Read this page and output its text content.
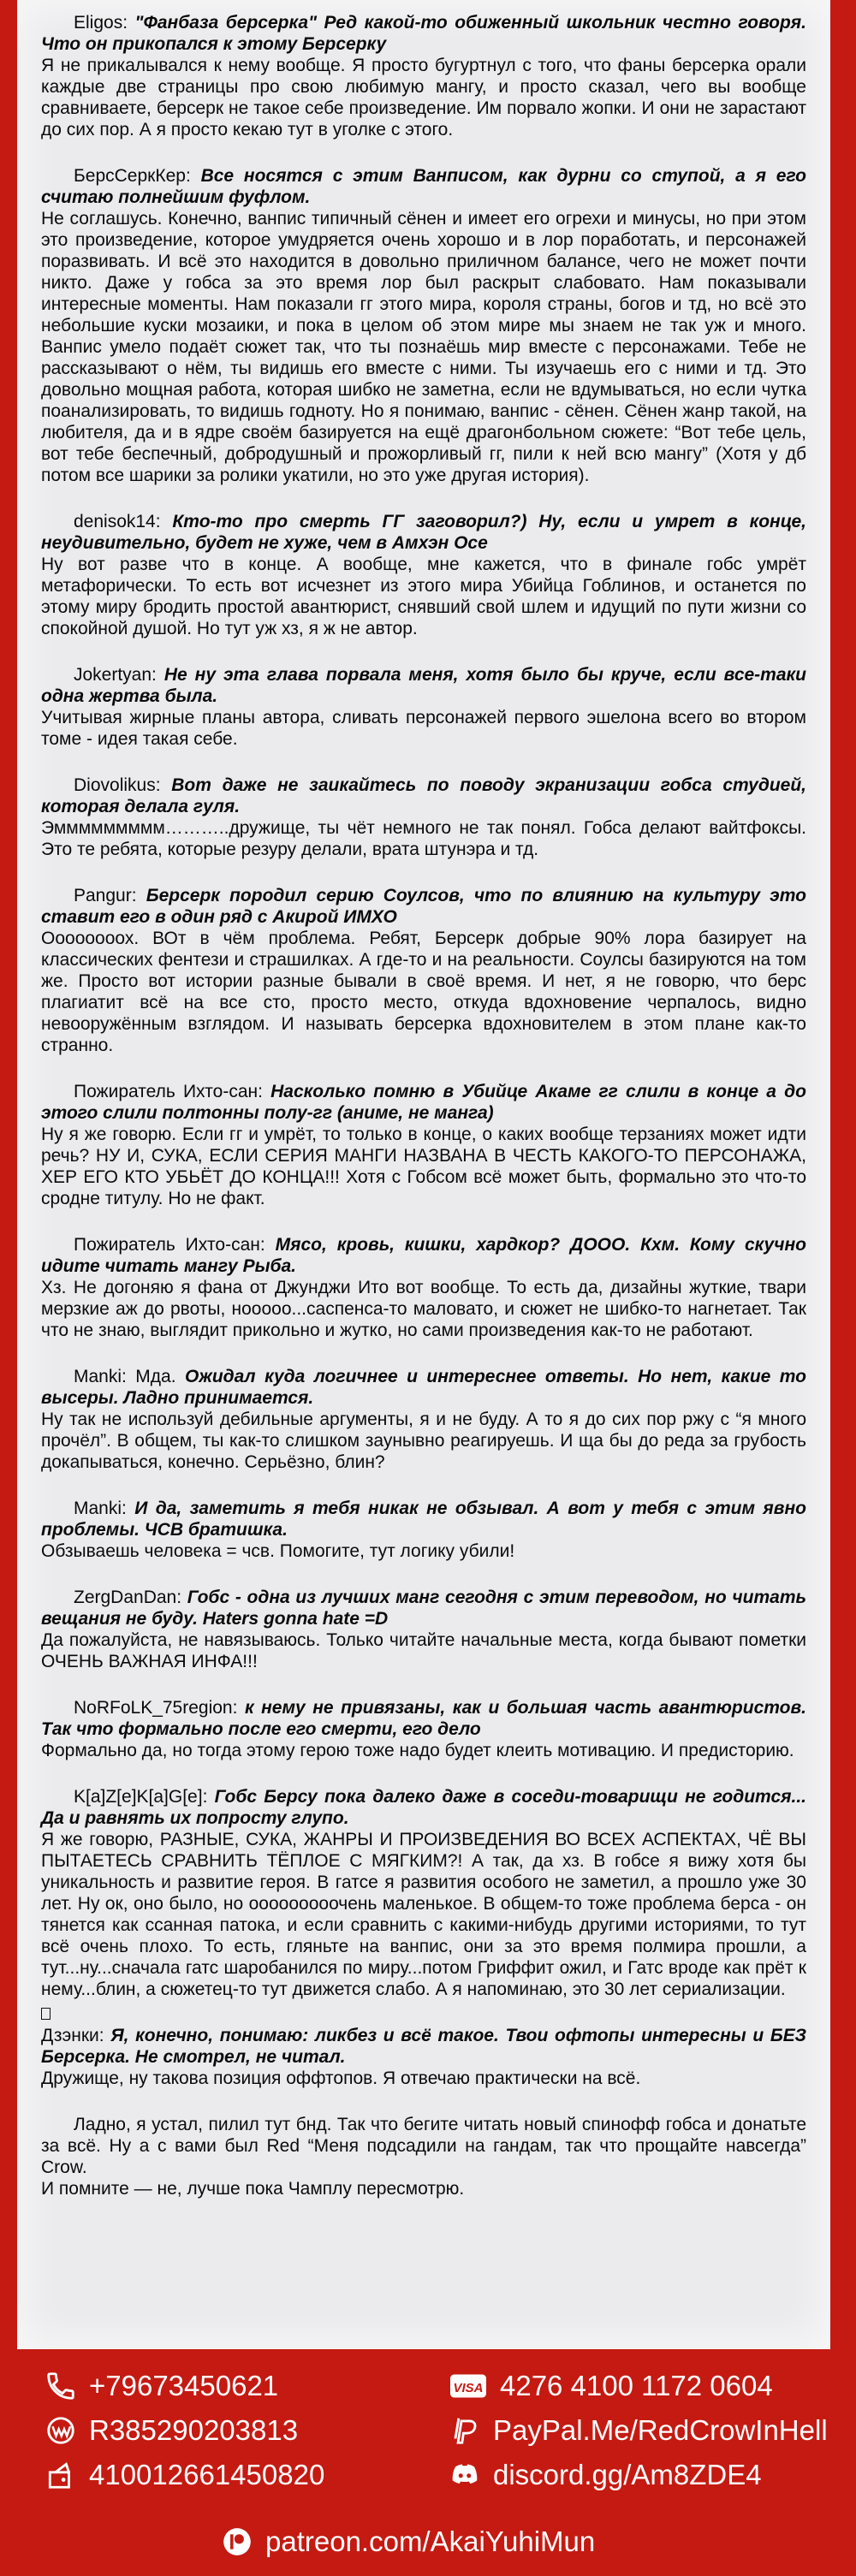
Eligos: "Фанбаза берсерка" Ред какой-то обиженный школьник честно говоря. Что он прикопался к этому Берсерку

Я не прикалывался к нему вообще. Я просто бугуртнул с того, что фаны берсерка орали каждые две страницы про свою любимую мангу, и просто сказал, чего вы вообще сравниваете, берсерк не такое себе произведение. Им порвало жопки. И они не зарастают до сих пор. А я просто кекаю тут в уголке с этого.

БерсСеркКер: Все носятся с этим Ванписом, как дурни со ступой, а я его считаю полнейшим фуфлом.

Не соглашусь. Конечно, ванпис типичный сёнен и имеет его огрехи и минусы, но при этом это произведение, которое умудряется очень хорошо и в лор поработать, и персонажей поразвивать. И всё это находится в довольно приличном балансе, чего не может почти никто. Даже у гобса за это время лор был раскрыт слабовато. Нам показывали интересные моменты. Нам показали гг этого мира, короля страны, богов и тд, но всё это небольшие куски мозаики, и пока в целом об этом мире мы знаем не так уж и много. Ванпис умело подаёт сюжет так, что ты познаёшь мир вместе с персонажами. Тебе не рассказывают о нём, ты видишь его вместе с ними. Ты изучаешь его с ними и тд. Это довольно мощная работа, которая шибко не заметна, если не вдумываться, но если чутка поанализировать, то видишь годноту. Но я понимаю, ванпис - сёнен. Сёнен жанр такой, на любителя, да и в ядре своём базируется на ещё драгонбольном сюжете: “Вот тебе цель, вот тебе беспечный, добродушный и прожорливый гг, пили к ней всю мангу” (Хотя у дб потом все шарики за ролики укатили, но это уже другая история).

denisok14: Кто-то про смерть ГГ заговорил?) Ну, если и умрет в конце, неудивительно, будет не хуже, чем в Амхэн Осе

Ну вот разве что в конце. А вообще, мне кажется, что в финале гобс умрёт метафорически. То есть вот исчезнет из этого мира Убийца Гоблинов, и останется по этому миру бродить простой авантюрист, снявший свой шлем и идущий по пути жизни со спокойной душой. Но тут уж хз, я ж не автор.

Jokertyan: Не ну эта глава порвала меня, хотя было бы круче, если все-таки одна жертва была.

Учитывая жирные планы автора, сливать персонажей первого эшелона всего во втором томе - идея такая себе.

Diovolikus: Вот даже не заикайтесь по поводу экранизации гобса студией, которая делала гуля.

Эммммммммм………..дружище, ты чёт немного не так понял. Гобса делают вайтфоксы. Это те ребята, которые резуру делали, врата штунэра и тд.

Pangur: Берсерк породил серию Соулсов, что по влиянию на культуру это ставит его в один ряд с Акирой ИМХО

Оооооооох. ВОт в чём проблема. Ребят, Берсерк добрые 90% лора базирует на классических фентези и страшилках. А где-то и на реальности. Соулсы базируются на том же. Просто вот истории разные бывали в своё время. И нет, я не говорю, что берс плагиатит всё на все сто, просто место, откуда вдохновение черпалось, видно невооружённым взглядом. И называть берсерка вдохновителем в этом плане как-то странно.

Пожиратель Ихто-сан: Насколько помню в Убийце Акаме гг слили в конце а до этого слили полтонны полу-гг (аниме, не манга)

Ну я же говорю. Если гг и умрёт, то только в конце, о каких вообще терзаниях может идти речь? НУ И, СУКА, ЕСЛИ СЕРИЯ МАНГИ НАЗВАНА В ЧЕСТЬ КАКОГО-ТО ПЕРСОНАЖА, ХЕР ЕГО КТО УБЬЁТ ДО КОНЦА!!! Хотя с Гобсом всё может быть, формально это что-то сродне титулу. Но не факт.

Пожиратель Ихто-сан: Мясо, кровь, кишки, хардкор? ДООО. Кхм. Кому скучно идите читать мангу Рыба.

Хз. Не догоняю я фана от Джунджи Ито вот вообще. То есть да, дизайны жуткие, твари мерзкие аж до рвоты, нооооо...саспенса-то маловато, и сюжет не шибко-то нагнетает. Так что не знаю, выглядит прикольно и жутко, но сами произведения как-то не работают.

Manki: Мда. Ожидал куда логичнее и интереснее ответы. Но нет, какие то высеры. Ладно принимается.

Ну так не используй дебильные аргументы, я и не буду. А то я до сих пор ржу с “я много прочёл”. В общем, ты как-то слишком заунывно реагируешь. И ща бы до реда за грубость докапываться, конечно. Серьёзно, блин?

Manki: И да, заметить я тебя никак не обзывал. А вот у тебя с этим явно проблемы. ЧСВ братишка.

Обзываешь человека = чсв. Помогите, тут логику убили!

ZergDanDan: Гобс - одна из лучших манг сегодня с этим переводом, но читать вещания не буду. Haters gonna hate =D

Да пожалуйста, не навязываюсь. Только читайте начальные места, когда бывают пометки ОЧЕНЬ ВАЖНАЯ ИНФА!!!

NoRFoLK_75region: к нему не привязаны, как и большая часть авантюристов. Так что формально после его смерти, его дело

Формально да, но тогда этому герою тоже надо будет клеить мотивацию. И предисторию.

K[a]Z[e]K[a]G[e]: Гобс Берсу пока далеко даже в соседи-товарищи не годится... Да и равнять их попросту глупо.

Я же говорю, РАЗНЫЕ, СУКА, ЖАНРЫ И ПРОИЗВЕДЕНИЯ ВО ВСЕХ АСПЕКТАХ, ЧЁ ВЫ ПЫТАЕТЕСЬ СРАВНИТЬ ТЁПЛОЕ С МЯГКИМ?! А так, да хз. В гобсе я вижу хотя бы уникальность и развитие героя. В гатсе я развития особого не заметил, а прошло уже 30 лет. Ну ок, оно было, но ооооооооочень маленькое. В общем-то тоже проблема берса - он тянется как ссанная патока, и если сравнить с какими-нибудь другими историями, то тут всё очень плохо. То есть, гляньте на ванпис, они за это время полмира прошли, а тут...ну...сначала гатс шаробанился по миру...потом Гриффит ожил, и Гатс вроде как прёт к нему...блин, а сюжетец-то тут движется слабо. А я напоминаю, это 30 лет сериализации.

Дзэнки: Я, конечно, понимаю: ликбез и всё такое. Твои офтопы интересны и БЕЗ Берсерка. Не смотрел, не читал.

Дружище, ну такова позиция оффтопов. Я отвечаю практически на всё.

Ладно, я устал, пилил тут бнд. Так что бегите читать новый спинофф гобса и донатьте за всё. Ну а с вами был Red “Меня подсадили на гандам, так что прощайте навсегда” Crow.

И помните — не, лучше пока Чамплу пересмотрю.

+79673450621
R385290203813
410012661450820
VISA 4276 4100 1172 0604
PayPal.Me/RedCrowInHell
discord.gg/Am8ZDE4
patreon.com/AkaiYuhiMun
